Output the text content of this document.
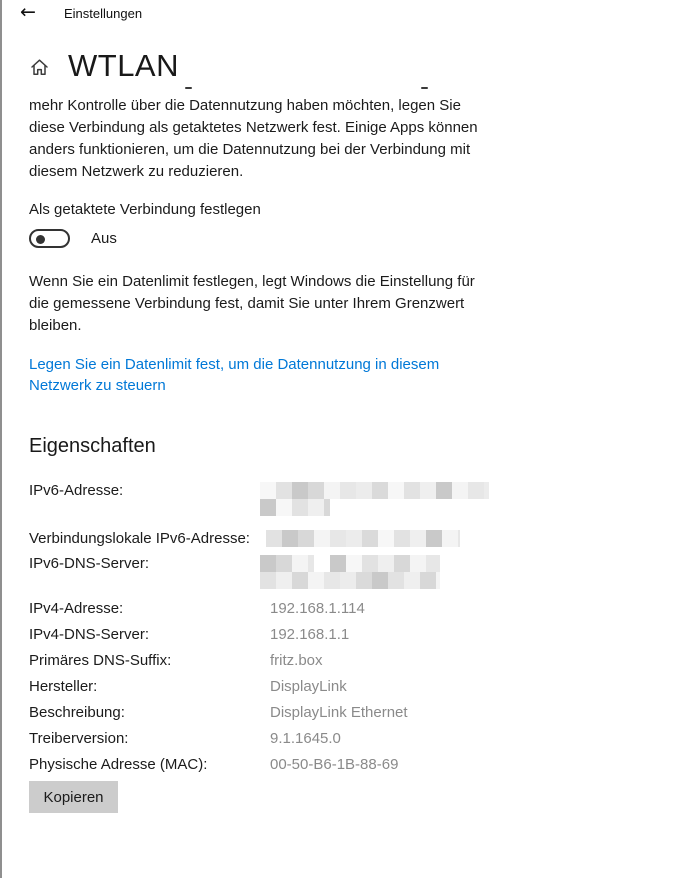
← Einstellungen
WTLAN
mehr Kontrolle über die Datennutzung haben möchten, legen Sie
diese Verbindung als getaktetes Netzwerk fest. Einige Apps können
anders funktionieren, um die Datennutzung bei der Verbindung mit
diesem Netzwerk zu reduzieren.
Als getaktete Verbindung festlegen
Aus
Wenn Sie ein Datenlimit festlegen, legt Windows die Einstellung für
die gemessene Verbindung fest, damit Sie unter Ihrem Grenzwert
bleiben.
Legen Sie ein Datenlimit fest, um die Datennutzung in diesem
Netzwerk zu steuern
Eigenschaften
IPv6-Adresse:
Verbindungslokale IPv6-Adresse:
IPv6-DNS-Server:
IPv4-Adresse:	192.168.1.114
IPv4-DNS-Server:	192.168.1.1
Primäres DNS-Suffix:	fritz.box
Hersteller:	DisplayLink
Beschreibung:	DisplayLink Ethernet
Treiberversion:	9.1.1645.0
Physische Adresse (MAC):	00-50-B6-1B-88-69
Kopieren
